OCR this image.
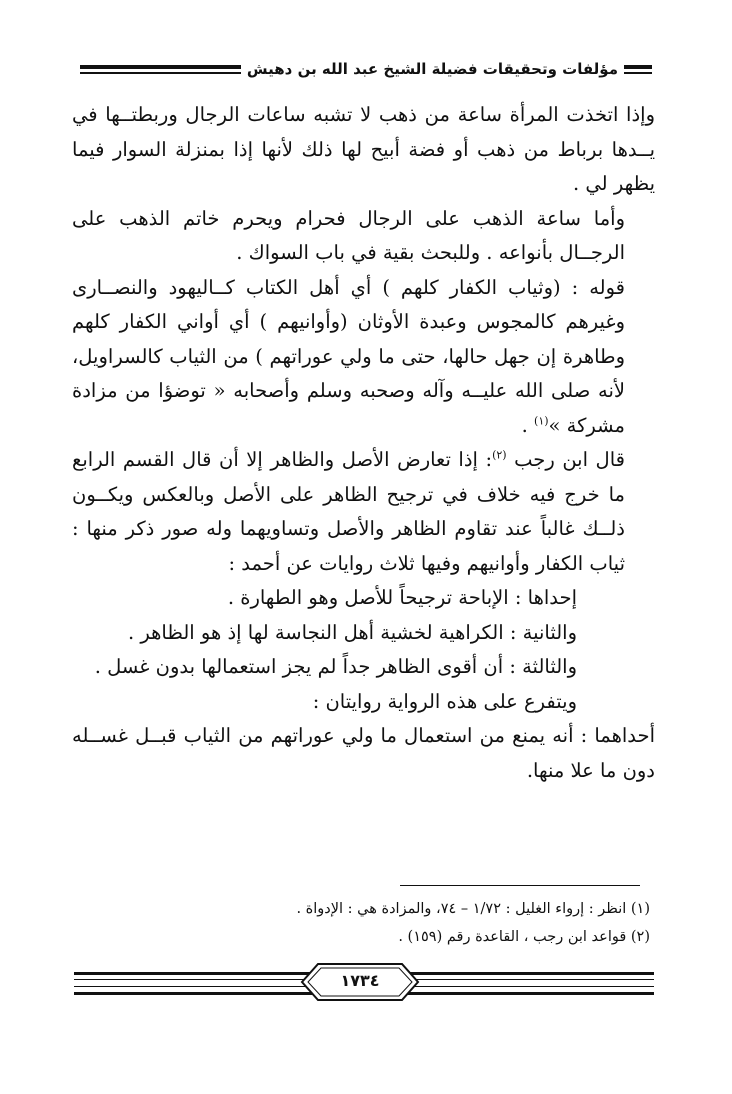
مؤلفات وتحقيقات فضيلة الشيخ عبد الله بن دهيش

وإذا اتخذت المرأة ساعة من ذهب لا تشبه ساعات الرجال وربطتــها في يــدها برباط من ذهب أو فضة أبيح لها ذلك لأنها إذا بمنزلة السوار فيما يظهر لي .

وأما ساعة الذهب على الرجال فحرام ويحرم خاتم الذهب على الرجــال بأنواعه . وللبحث بقية في باب السواك .

قوله : (وثياب الكفار كلهم ) أي أهل الكتاب كــاليهود والنصــارى وغيرهم كالمجوس وعبدة الأوثان (وأوانيهم ) أي أواني الكفار كلهم وطاهرة إن جهل حالها، حتى ما ولي عوراتهم ) من الثياب كالسراويل، لأنه صلى الله عليــه وآله وصحبه وسلم وأصحابه « توضؤا من مزادة مشركة »$^{(١)}$ .

قال ابن رجب $^{(٢)}$: إذا تعارض الأصل والظاهر إلا أن قال القسم الرابع ما خرج فيه خلاف في ترجيح الظاهر على الأصل وبالعكس ويكــون ذلــك غالباً عند تقاوم الظاهر والأصل وتساويهما وله صور ذكر منها : ثياب الكفار وأوانيهم وفيها ثلاث روايات عن أحمد :

إحداها : الإباحة ترجيحاً للأصل وهو الطهارة .

والثانية : الكراهية لخشية أهل النجاسة لها إذ هو الظاهر .

والثالثة : أن أقوى الظاهر جداً لم يجز استعمالها بدون غسل .

ويتفرع على هذه الرواية روايتان :

أحداهما : أنه يمنع من استعمال ما ولي عوراتهم من الثياب قبــل غســله دون ما علا منها.

(١) انظر : إرواء الغليل : ١/٧٢ – ٧٤، والمزادة هي : الإدواة .

(٢) قواعد ابن رجب ، القاعدة رقم (١٥٩) .

١٧٣٤
